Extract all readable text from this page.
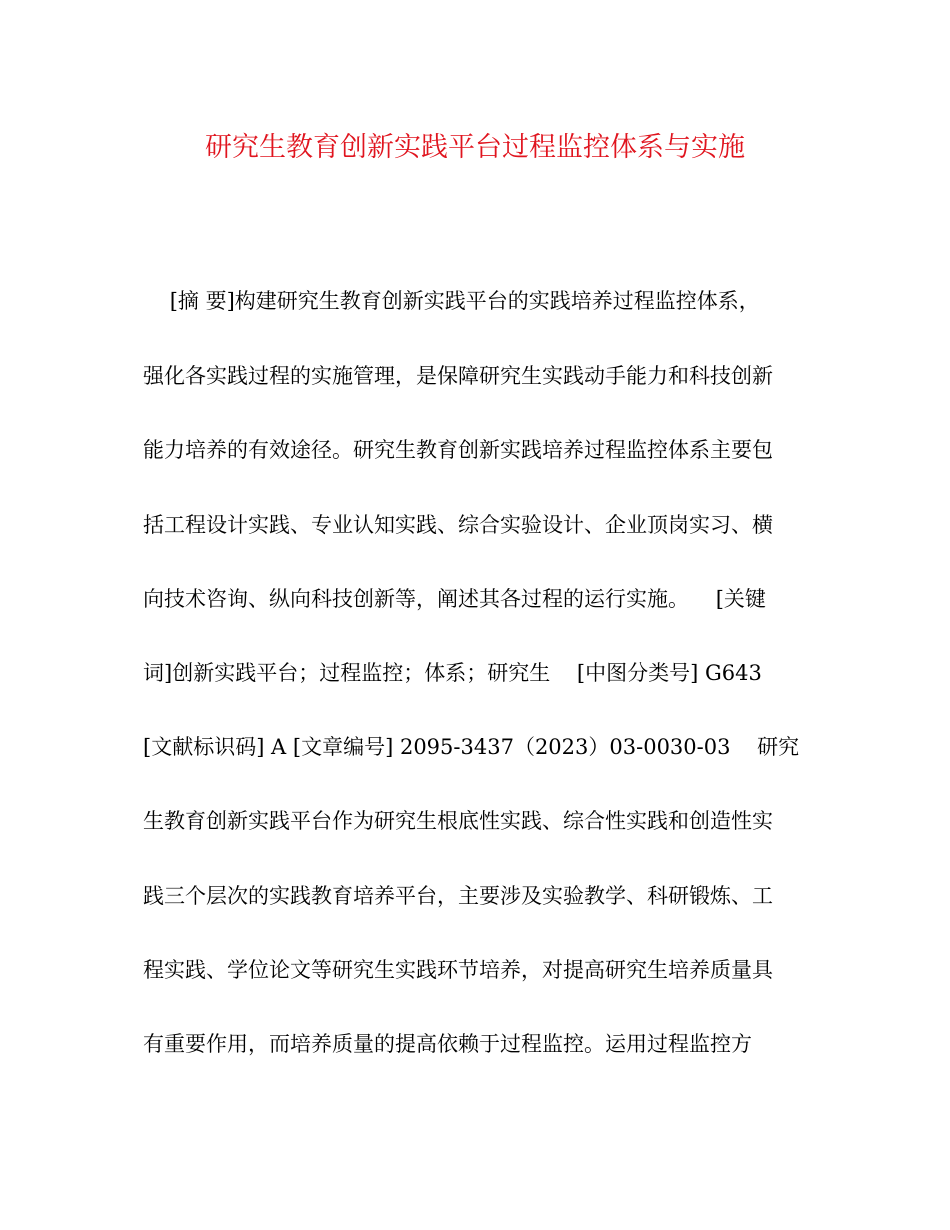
研究生教育创新实践平台过程监控体系与实施

[摘 要]构建研究生教育创新实践平台的实践培养过程监控体系，

强化各实践过程的实施管理，是保障研究生实践动手能力和科技创新

能力培养的有效途径。研究生教育创新实践培养过程监控体系主要包

括工程设计实践、专业认知实践、综合实验设计、企业顶岗实习、横

向技术咨询、纵向科技创新等，阐述其各过程的运行实施。    [关键

词]创新实践平台；过程监控；体系；研究生    [中图分类号] G643

[文献标识码] A [文章编号] 2095-3437（2023）03-0030-03    研究

生教育创新实践平台作为研究生根底性实践、综合性实践和创造性实

践三个层次的实践教育培养平台，主要涉及实验教学、科研锻炼、工

程实践、学位论文等研究生实践环节培养，对提高研究生培养质量具

有重要作用，而培养质量的提高依赖于过程监控。运用过程监控方
